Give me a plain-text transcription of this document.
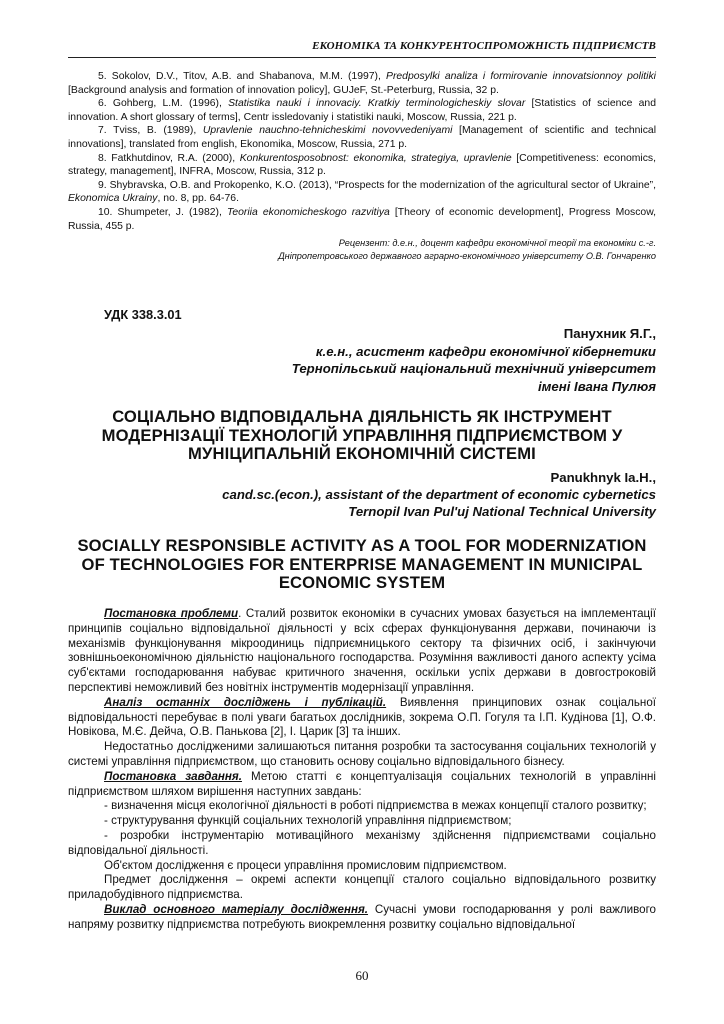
ЕКОНОМІКА ТА КОНКУРЕНТОСПРОМОЖНІСТЬ ПІДПРИЄМСТВ

5. Sokolov, D.V., Titov, A.B. and Shabanova, M.M. (1997), Predposylki analiza i formirovanie innovatsionnoy politiki [Background analysis and formation of innovation policy], GUJeF, St.-Peterburg, Russia, 32 p.

6. Gohberg, L.M. (1996), Statistika nauki i innovaciy. Kratkiy terminologicheskiy slovar [Statistics of science and innovation. A short glossary of terms], Centr issledovaniy i statistiki nauki, Moscow, Russia, 221 p.

7. Tviss, B. (1989), Upravlenie nauchno-tehnicheskimi novovvedeniyami [Management of scientific and technical innovations], translated from english, Ekonomika, Moscow, Russia, 271 p.

8. Fatkhutdinov, R.A. (2000), Konkurentosposobnost: ekonomika, strategiya, upravlenie [Competitiveness: economics, strategy, management], INFRA, Moscow, Russia, 312 p.

9. Shybravska, O.B. and Prokopenko, K.O. (2013), “Prospects for the modernization of the agricultural sector of Ukraine”, Ekonomica Ukrainy, no. 8, pp. 64-76.

10. Shumpeter, J. (1982), Teoriia ekonomicheskogo razvitiya [Theory of economic development], Progress Moscow, Russia, 455 p.

Рецензент: д.е.н., доцент кафедри економічної теорії та економіки с.-г.
Дніпропетровського державного аграрно-економічного університету О.В. Гончаренко
УДК 338.3.01
Панухник Я.Г.,
к.е.н., асистент кафедри економічної кібернетики
Тернопільський національний технічний університет
імені Івана Пулюя
СОЦІАЛЬНО ВІДПОВІДАЛЬНА ДІЯЛЬНІСТЬ ЯК ІНСТРУМЕНТ
МОДЕРНІЗАЦІЇ ТЕХНОЛОГІЙ УПРАВЛІННЯ ПІДПРИЄМСТВОМ У
МУНІЦИПАЛЬНІЙ ЕКОНОМІЧНІЙ СИСТЕМІ
Panukhnyk Ia.H.,
cand.sc.(econ.), assistant of the department of economic cybernetics
Ternopil Ivan Pul'uj National Technical University
SOCIALLY RESPONSIBLE ACTIVITY AS A TOOL FOR MODERNIZATION
OF TECHNOLOGIES FOR ENTERPRISE MANAGEMENT IN MUNICIPAL
ECONOMIC SYSTEM

Постановка проблеми. Сталий розвиток економіки в сучасних умовах базується на імплементації принципів соціально відповідальної діяльності у всіх сферах функціонування держави, починаючи із механізмів функціонування мікроодиниць підприємницького сектору та фізичних осіб, і закінчуючи зовнішньоекономічною діяльністю національного господарства. Розуміння важливості даного аспекту усіма суб'єктами господарювання набуває критичного значення, оскільки успіх держави в довгостроковій перспективі неможливий без новітніх інструментів модернізації управління.

Аналіз останніх досліджень і публікацій. Виявлення принципових ознак соціальної відповідальності перебуває в полі уваги багатьох дослідників, зокрема О.П. Гогуля та І.П. Кудінова [1], О.Ф. Новікова, М.Є. Дейча, О.В. Панькова [2], І. Царик [3] та інших.

Недостатньо дослідженими залишаються питання розробки та застосування соціальних технологій у системі управління підприємством, що становить основу соціально відповідального бізнесу.

Постановка завдання. Метою статті є концептуалізація соціальних технологій в управлінні підприємством шляхом вирішення наступних завдань:

- визначення місця екологічної діяльності в роботі підприємства в межах концепції сталого розвитку;

- структурування функцій соціальних технологій управління підприємством;

- розробки інструментарію мотиваційного механізму здійснення підприємствами соціально відповідальної діяльності.

Об'єктом дослідження є процеси управління промисловим підприємством.

Предмет дослідження – окремі аспекти концепції сталого соціально відповідального розвитку приладобудівного підприємства.

Виклад основного матеріалу дослідження. Сучасні умови господарювання у ролі важливого напряму розвитку підприємства потребують виокремлення розвитку соціально відповідальної

60
